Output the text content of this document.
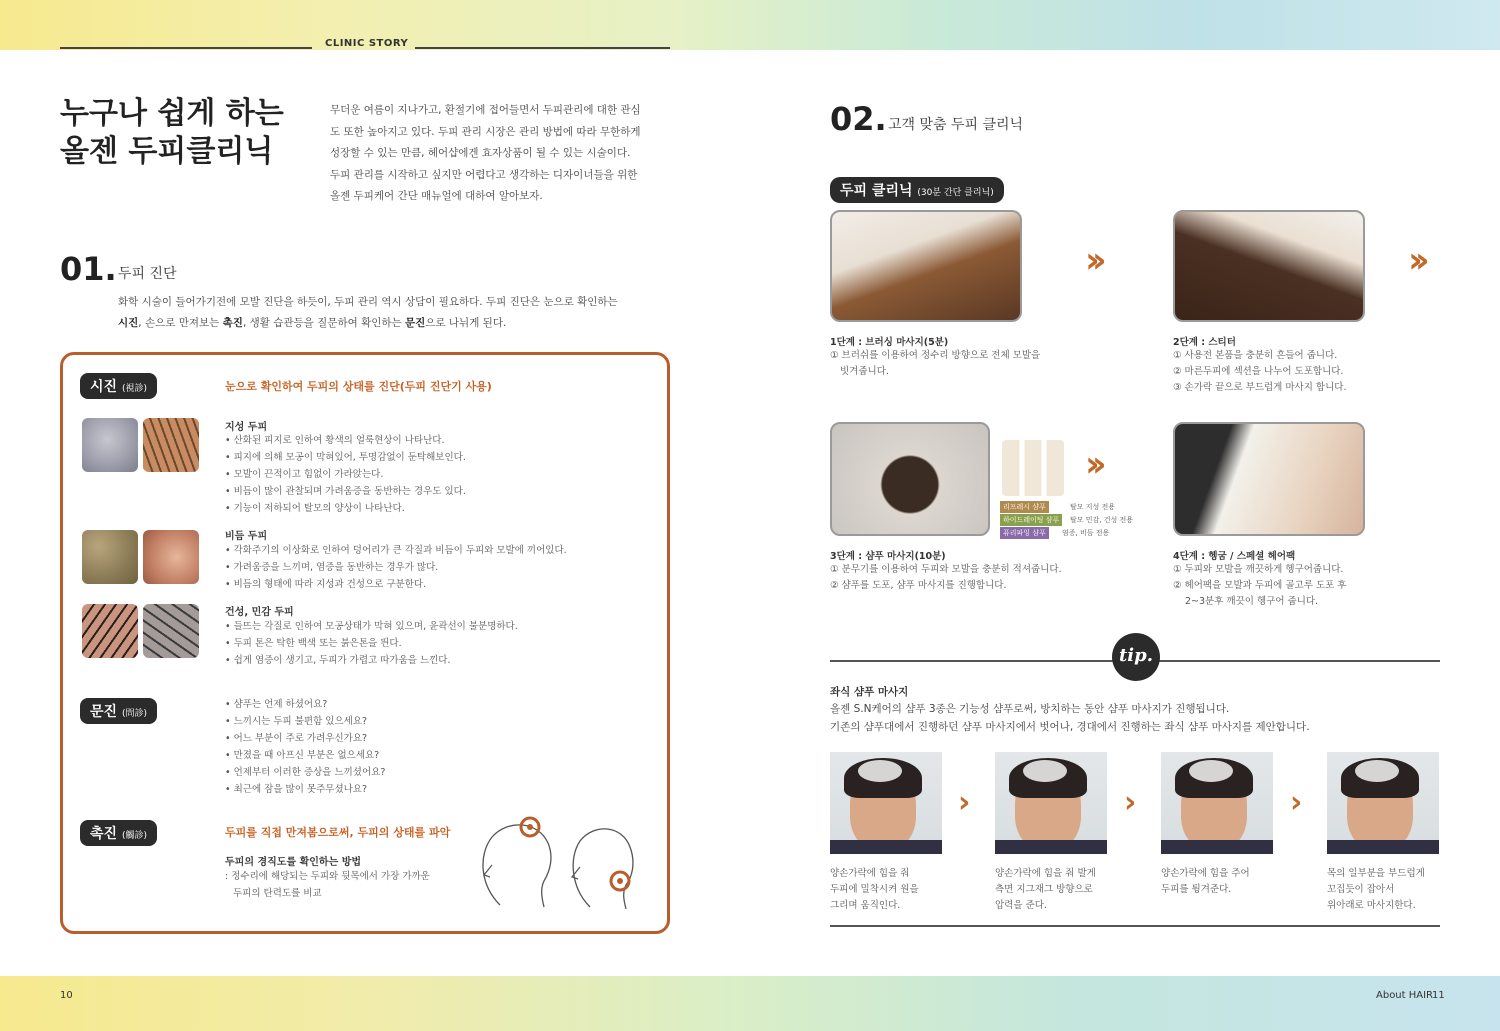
CLINIC STORY
누구나 쉽게 하는
올젠 두피클리닉
무더운 여름이 지나가고, 환절기에 접어들면서 두피관리에 대한 관심
도 또한 높아지고 있다. 두피 관리 시장은 관리 방법에 따라 무한하게
성장할 수 있는 만큼, 헤어샵에겐 효자상품이 될 수 있는 시술이다.
두피 관리를 시작하고 싶지만 어렵다고 생각하는 디자이너들을 위한
올젠 두피케어 간단 매뉴얼에 대하여 알아보자.
01. 두피 진단
화학 시술이 들어가기전에 모발 진단을 하듯이, 두피 관리 역시 상담이 필요하다. 두피 진단은 눈으로 확인하는
시진, 손으로 만져보는 촉진, 생활 습관등을 질문하여 확인하는 문진으로 나뉘게 된다.
시진 (視診)	눈으로 확인하여 두피의 상태를 진단(두피 진단기 사용)
지성 두피
• 산화된 피지로 인하여 황색의 얼룩현상이 나타난다.
• 피지에 의해 모공이 막혀있어, 투명감없이 둔탁해보인다.
• 모발이 끈적이고 힘없이 가라앉는다.
• 비듬이 많이 관찰되며 가려움증을 동반하는 경우도 있다.
• 기능이 저하되어 탈모의 양상이 나타난다.
비듬 두피
• 각화주기의 이상화로 인하여 덩어리가 큰 각질과 비듬이 두피와 모발에 끼어있다.
• 가려움증을 느끼며, 염증을 동반하는 경우가 많다.
• 비듬의 형태에 따라 지성과 건성으로 구분한다.
건성, 민감 두피
• 들뜨는 각질로 인하여 모공상태가 막혀 있으며, 윤곽선이 불분명하다.
• 두피 톤은 탁한 백색 또는 붉은톤을 띈다.
• 쉽게 염증이 생기고, 두피가 가렵고 따가움을 느낀다.
문진 (問診)
• 샴푸는 언제 하셨어요?
• 느끼시는 두피 불편함 있으세요?
• 어느 부분이 주로 가려우신가요?
• 만졌을 때 아프신 부분은 없으세요?
• 언제부터 이러한 증상을 느끼셨어요?
• 최근에 잠을 많이 못주무셨나요?
촉진 (觸診)	두피를 직접 만져봄으로써, 두피의 상태를 파악
두피의 경직도를 확인하는 방법
: 정수리에 해당되는 두피와 뒷목에서 가장 가까운
두피의 탄력도를 비교
10
02. 고객 맞춤 두피 클리닉
두피 클리닉 (30분 간단 클리닉)
››	››
1단계 : 브러싱 마사지(5분)
① 브러쉬를 이용하여 정수리 방향으로 전체 모발을
빗겨줍니다.
2단계 : 스티터
① 사용전 본품을 충분히 흔들어 줍니다.
② 마른두피에 섹션을 나누어 도포합니다.
③ 손가락 끝으로 부드럽게 마사지 합니다.
리프레시 샴푸	탈모 지성 전용
하이드레이팅 샴푸	탈모 민감, 건성 전용
퓨리파잉 샴푸	염증, 비듬 전용
››
3단계 : 샴푸 마사지(10분)
① 분무기를 이용하여 두피와 모발을 충분히 적셔줍니다.
② 샴푸를 도포, 샴푸 마사지를 진행합니다.
4단계 : 헹굼 / 스페셜 헤어팩
① 두피와 모발을 깨끗하게 헹구어줍니다.
② 헤어팩을 모발과 두피에 골고루 도포 후
2~3분후 깨끗이 헹구어 줍니다.
tip.
좌식 샴푸 마사지
올젠 S.N케어의 샴푸 3종은 기능성 샴푸로써, 방치하는 동안 샴푸 마사지가 진행됩니다.
기존의 샴푸대에서 진행하던 샴푸 마사지에서 벗어나, 경대에서 진행하는 좌식 샴푸 마사지를 제안합니다.
›	›	›
양손가락에 힘을 줘
두피에 밀착시켜 원을
그리며 움직인다.
양손가락에 힘을 줘 발게
측면 지그재그 방향으로
압력을 준다.
양손가락에 힘을 주어
두피를 튕겨준다.
목의 일부분을 부드럽게
꼬집듯이 잡아서
위아래로 마사지한다.
About HAIR
11
